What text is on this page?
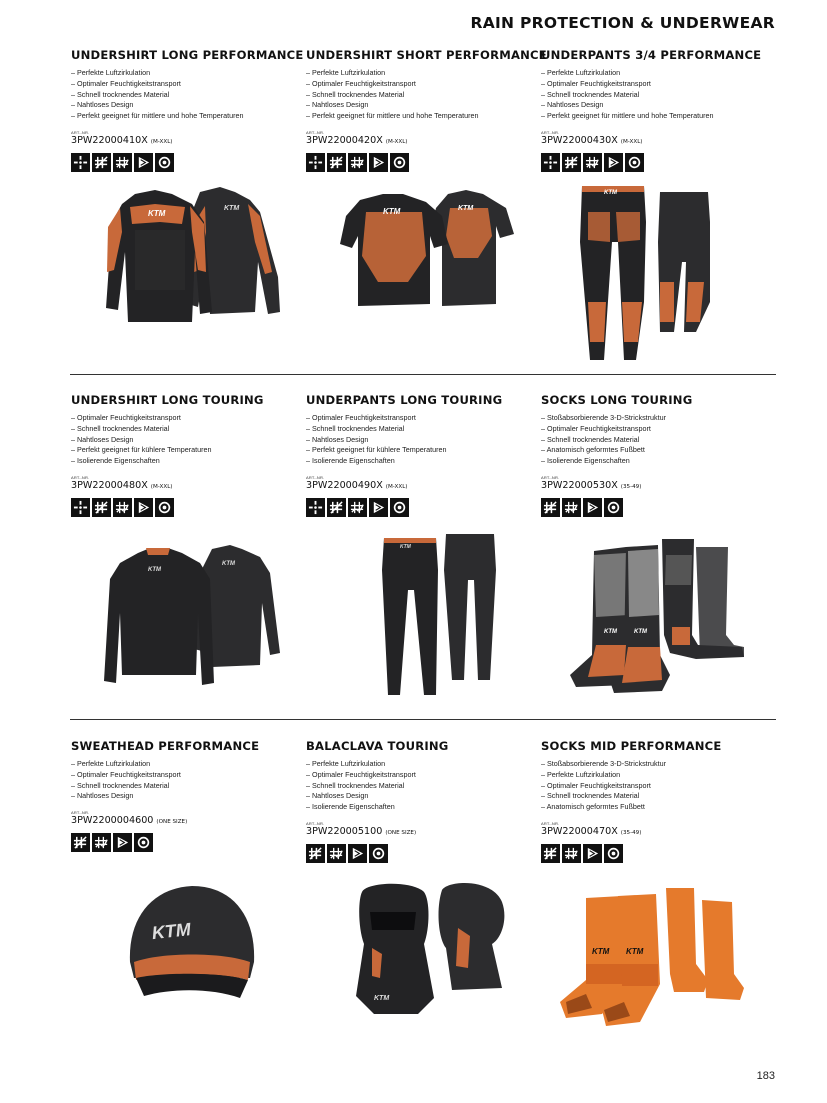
RAIN PROTECTION & UNDERWEAR
UNDERSHIRT LONG PERFORMANCE
– Perfekte Luftzirkulation
– Optimaler Feuchtigkeitstransport
– Schnell trocknendes Material
– Nahtloses Design
– Perfekt geeignet für mittlere und hohe Temperaturen
ART.-NR.
3PW22000410X (M-XXL)
UNDERSHIRT SHORT PERFORMANCE
– Perfekte Luftzirkulation
– Optimaler Feuchtigkeitstransport
– Schnell trocknendes Material
– Nahtloses Design
– Perfekt geeignet für mittlere und hohe Temperaturen
ART.-NR.
3PW22000420X (M-XXL)
UNDERPANTS 3/4 PERFORMANCE
– Perfekte Luftzirkulation
– Optimaler Feuchtigkeitstransport
– Schnell trocknendes Material
– Nahtloses Design
– Perfekt geeignet für mittlere und hohe Temperaturen
ART.-NR.
3PW22000430X (M-XXL)
UNDERSHIRT LONG TOURING
– Optimaler Feuchtigkeitstransport
– Schnell trocknendes Material
– Nahtloses Design
– Perfekt geeignet für kühlere Temperaturen
– Isolierende Eigenschaften
ART.-NR.
3PW22000480X (M-XXL)
UNDERPANTS LONG TOURING
– Optimaler Feuchtigkeitstransport
– Schnell trocknendes Material
– Nahtloses Design
– Perfekt geeignet für kühlere Temperaturen
– Isolierende Eigenschaften
ART.-NR.
3PW22000490X (M-XXL)
SOCKS LONG TOURING
– Stoßabsorbierende 3-D-Strickstruktur
– Optimaler Feuchtigkeitstransport
– Schnell trocknendes Material
– Anatomisch geformtes Fußbett
– Isolierende Eigenschaften
ART.-NR.
3PW22000530X (35-49)
SWEATHEAD PERFORMANCE
– Perfekte Luftzirkulation
– Optimaler Feuchtigkeitstransport
– Schnell trocknendes Material
– Nahtloses Design
ART.-NR.
3PW2200004600 (ONE SIZE)
BALACLAVA TOURING
– Perfekte Luftzirkulation
– Optimaler Feuchtigkeitstransport
– Schnell trocknendes Material
– Nahtloses Design
– Isolierende Eigenschaften
ART.-NR.
3PW220005100 (ONE SIZE)
SOCKS MID PERFORMANCE
– Stoßabsorbierende 3-D-Strickstruktur
– Perfekte Luftzirkulation
– Optimaler Feuchtigkeitstransport
– Schnell trocknendes Material
– Anatomisch geformtes Fußbett
ART.-NR.
3PW22000470X (35-49)
KTM
KTM
KTM
KTM
KTM
KTM
KTM
KTM
KTM	KTM
KTM
KTM
KTM KTM
183
